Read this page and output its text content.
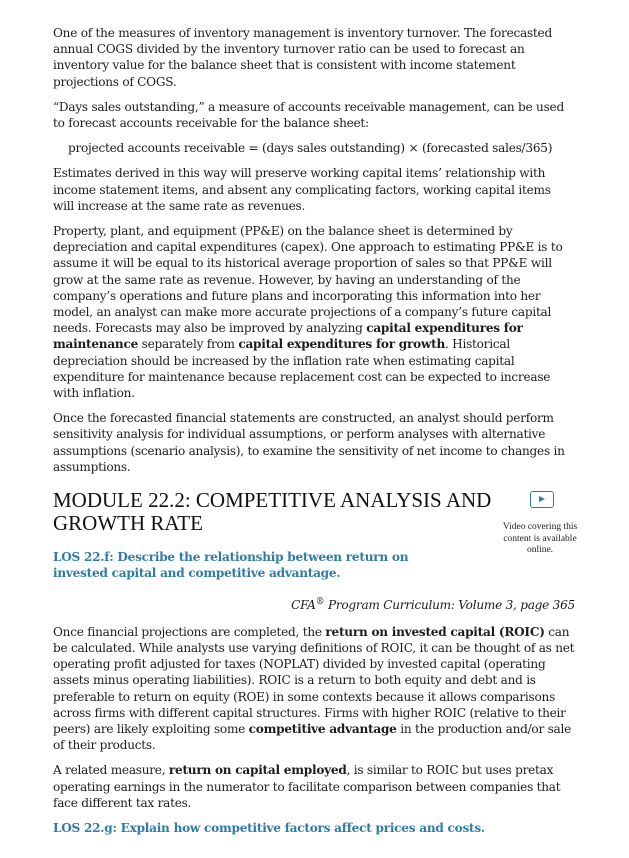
One of the measures of inventory management is inventory turnover. The forecasted annual COGS divided by the inventory turnover ratio can be used to forecast an inventory value for the balance sheet that is consistent with income statement projections of COGS.

“Days sales outstanding,” a measure of accounts receivable management, can be used to forecast accounts receivable for the balance sheet:

projected accounts receivable = (days sales outstanding) × (forecasted sales/365)

Estimates derived in this way will preserve working capital items’ relationship with income statement items, and absent any complicating factors, working capital items will increase at the same rate as revenues.

Property, plant, and equipment (PP&E) on the balance sheet is determined by depreciation and capital expenditures (capex). One approach to estimating PP&E is to assume it will be equal to its historical average proportion of sales so that PP&E will grow at the same rate as revenue. However, by having an understanding of the company’s operations and future plans and incorporating this information into her model, an analyst can make more accurate projections of a company’s future capital needs. Forecasts may also be improved by analyzing capital expenditures for maintenance separately from capital expenditures for growth. Historical depreciation should be increased by the inflation rate when estimating capital expenditure for maintenance because replacement cost can be expected to increase with inflation.

Once the forecasted financial statements are constructed, an analyst should perform sensitivity analysis for individual assumptions, or perform analyses with alternative assumptions (scenario analysis), to examine the sensitivity of net income to changes in assumptions.

MODULE 22.2: COMPETITIVE ANALYSIS AND GROWTH RATE	Video covering this content is available online.

LOS 22.f: Describe the relationship between return on invested capital and competitive advantage.

CFA® Program Curriculum: Volume 3, page 365

Once financial projections are completed, the return on invested capital (ROIC) can be calculated. While analysts use varying definitions of ROIC, it can be thought of as net operating profit adjusted for taxes (NOPLAT) divided by invested capital (operating assets minus operating liabilities). ROIC is a return to both equity and debt and is preferable to return on equity (ROE) in some contexts because it allows comparisons across firms with different capital structures. Firms with higher ROIC (relative to their peers) are likely exploiting some competitive advantage in the production and/or sale of their products.

A related measure, return on capital employed, is similar to ROIC but uses pretax operating earnings in the numerator to facilitate comparison between companies that face different tax rates.

LOS 22.g: Explain how competitive factors affect prices and costs.
